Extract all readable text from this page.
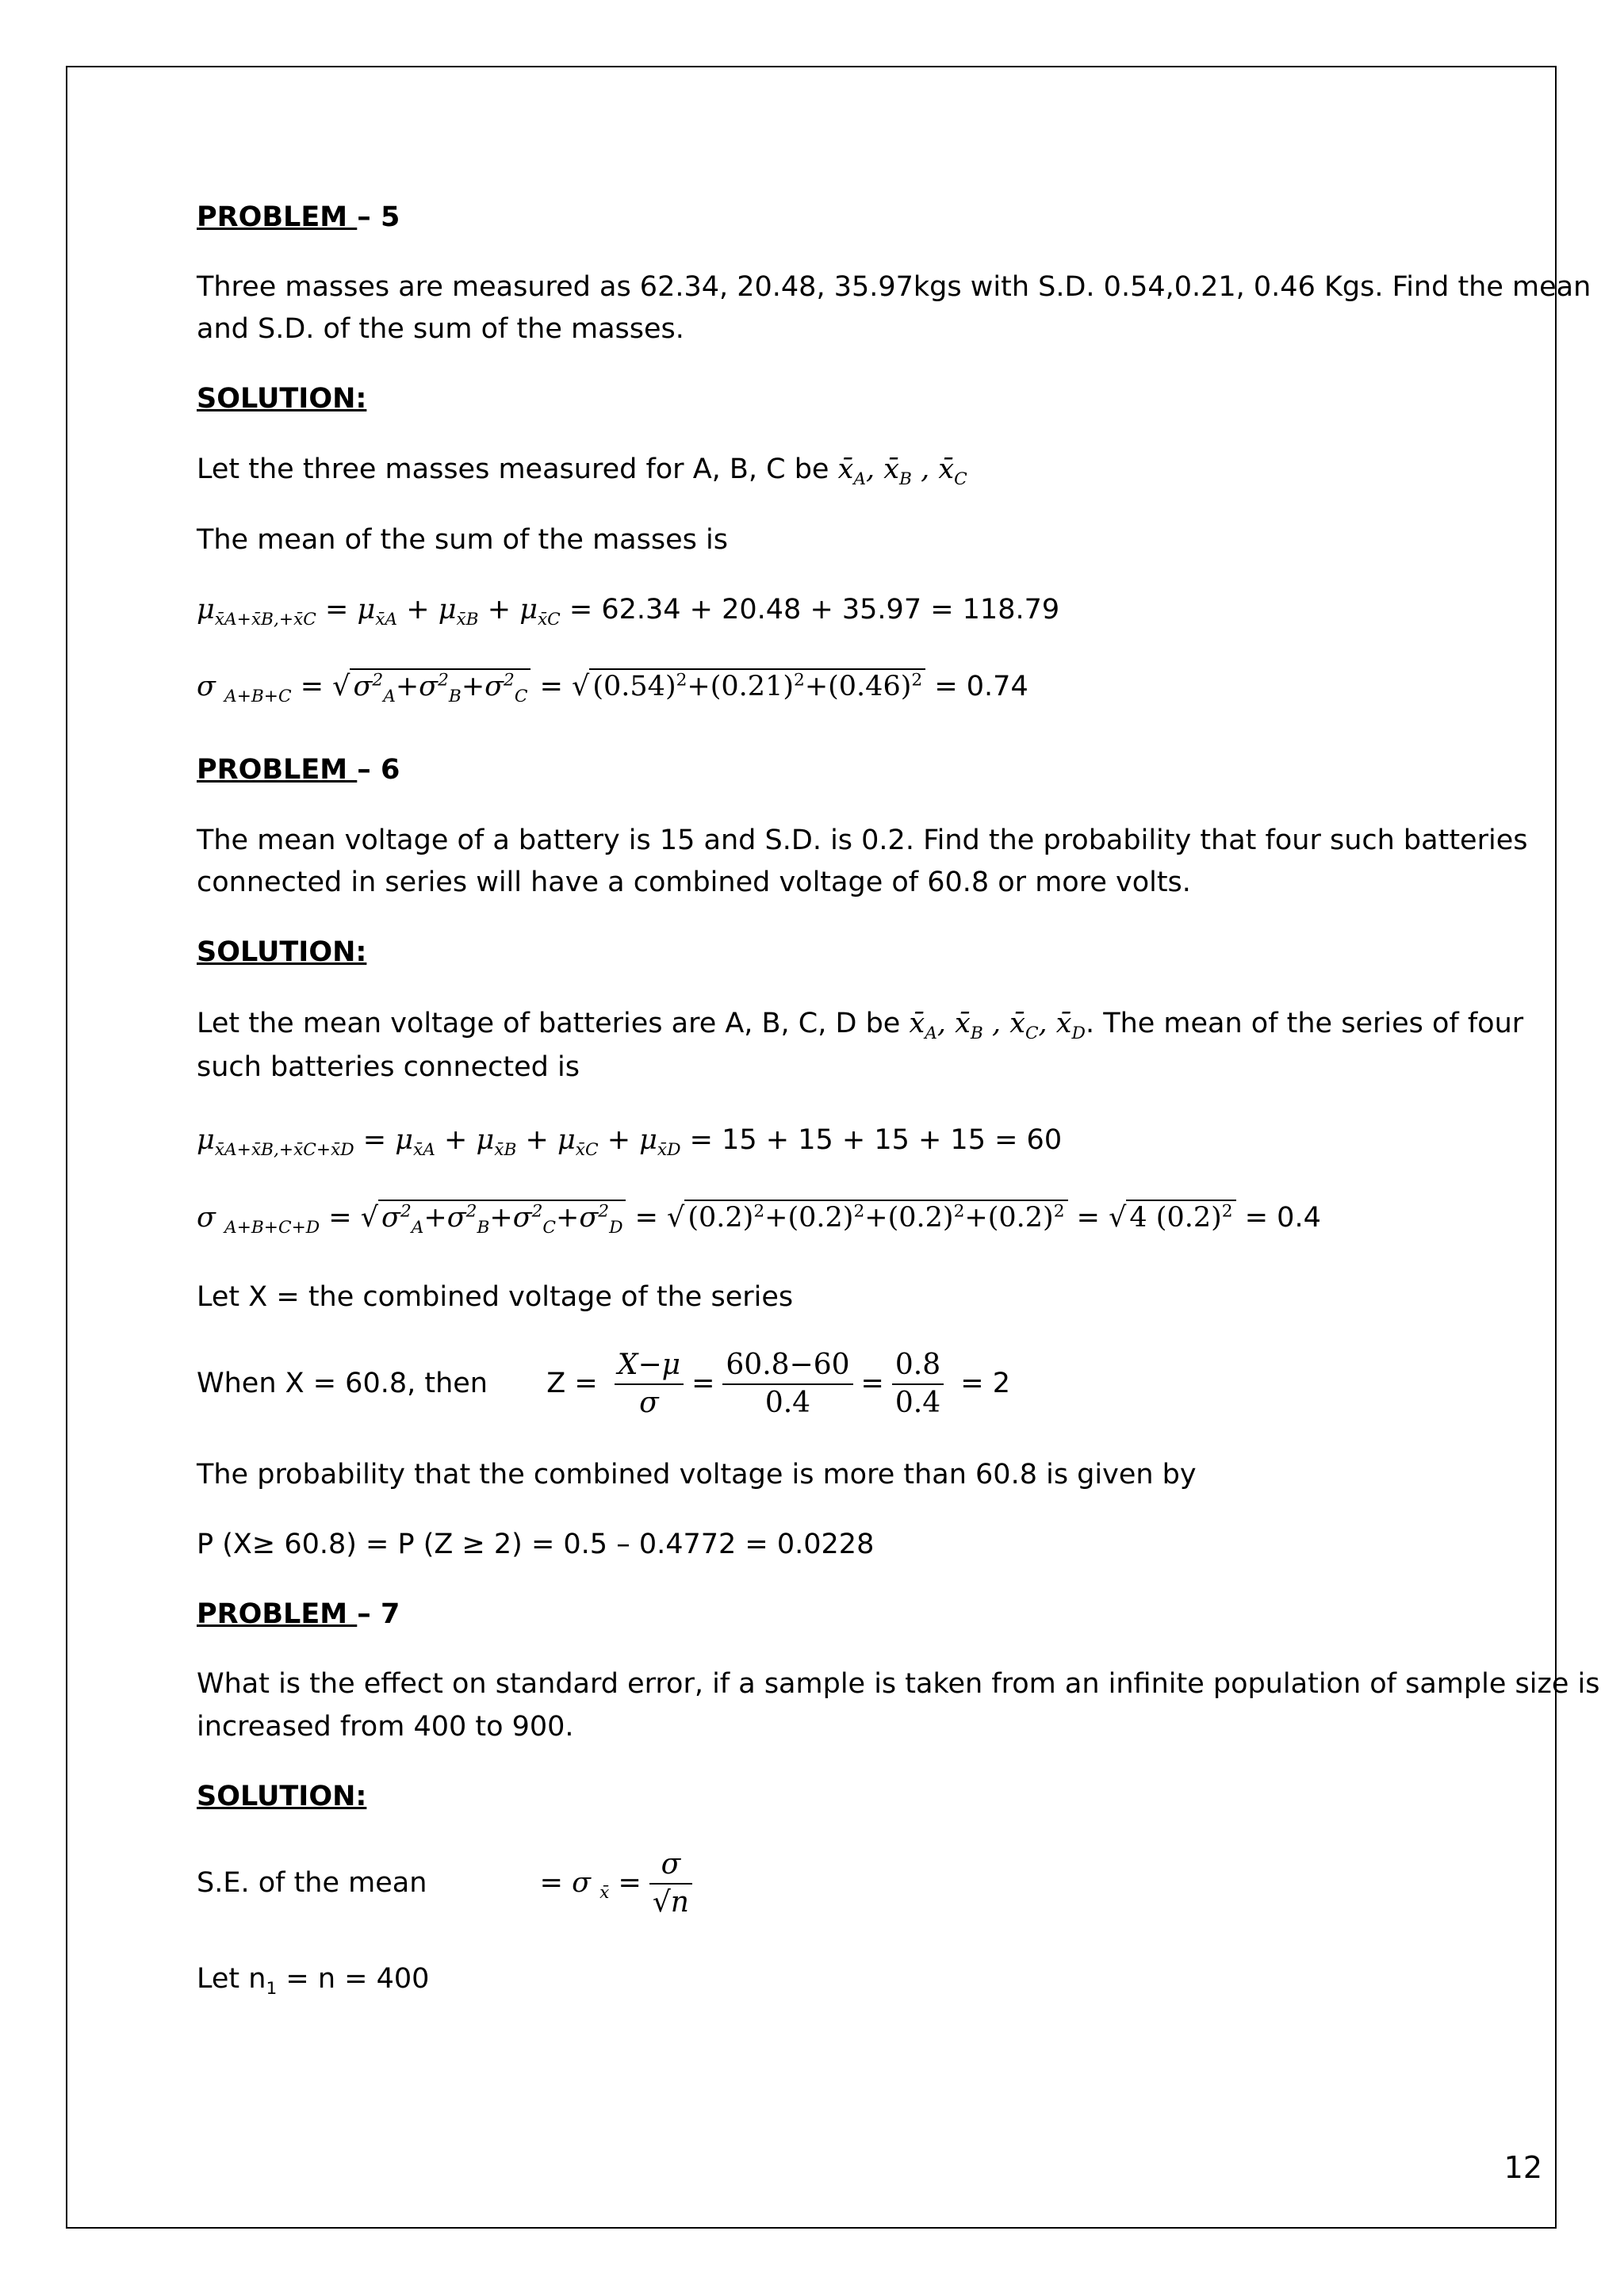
PROBLEM – 5
Three masses are measured as 62.34, 20.48, 35.97kgs with S.D. 0.54,0.21, 0.46 Kgs. Find the mean
and S.D. of the sum of the masses.
SOLUTION:
Let the three masses measured for A, B, C be $x̄_A$, $x̄_B$ , $x̄_C$
The mean of the sum of the masses is
$\mu_{x̄A+x̄B,+x̄C} = \mu_{x̄A} + \mu_{x̄B} + \mu_{x̄C} = 62.34 + 20.48 + 35.97 = 118.79$
σ $_{A+B+C}$ = √ $\sigma^2_A+\sigma^2_B+\sigma^2_C$ = √ $(0.54)^2+(0.21)^2+(0.46)^2 = 0.74$
PROBLEM – 6
The mean voltage of a battery is 15 and S.D. is 0.2. Find the probability that four such batteries
connected in series will have a combined voltage of 60.8 or more volts.
SOLUTION:
Let the mean voltage of batteries are A, B, C, D be $x̄_A$, $x̄_B$ , $x̄_C$, $x̄_D$. The mean of the series of four
such batteries connected is
$\mu_{x̄A+x̄B,+x̄C+x̄D} = \mu_{x̄A} + \mu_{x̄B} + \mu_{x̄C} + \mu_{x̄D} = 15 + 15 + 15 + 15 = 60$
σ $_{A+B+C+D}$ = √ $\sigma^2_A+\sigma^2_B+\sigma^2_C+\sigma^2_D$ = √ $(0.2)^2+(0.2)^2+(0.2)^2+(0.2)^2$ = √ 4 $(0.2)^2 = 0.4$
Let X = the combined voltage of the series
When X = 60.8, then $Z = \frac{X-\mu}{\sigma} = \frac{60.8-60}{0.4} = \frac{0.8}{0.4} = 2$
The probability that the combined voltage is more than 60.8 is given by
P (X≥ 60.8) = P (Z ≥ 2) = 0.5 – 0.4772 = 0.0228
PROBLEM – 7
What is the effect on standard error, if a sample is taken from an infinite population of sample size is
increased from 400 to 900.
SOLUTION:
S.E. of the mean	= σ $_{x̄} = \frac{\sigma}{√n}$
Let $n_1 = n = 400$
12
